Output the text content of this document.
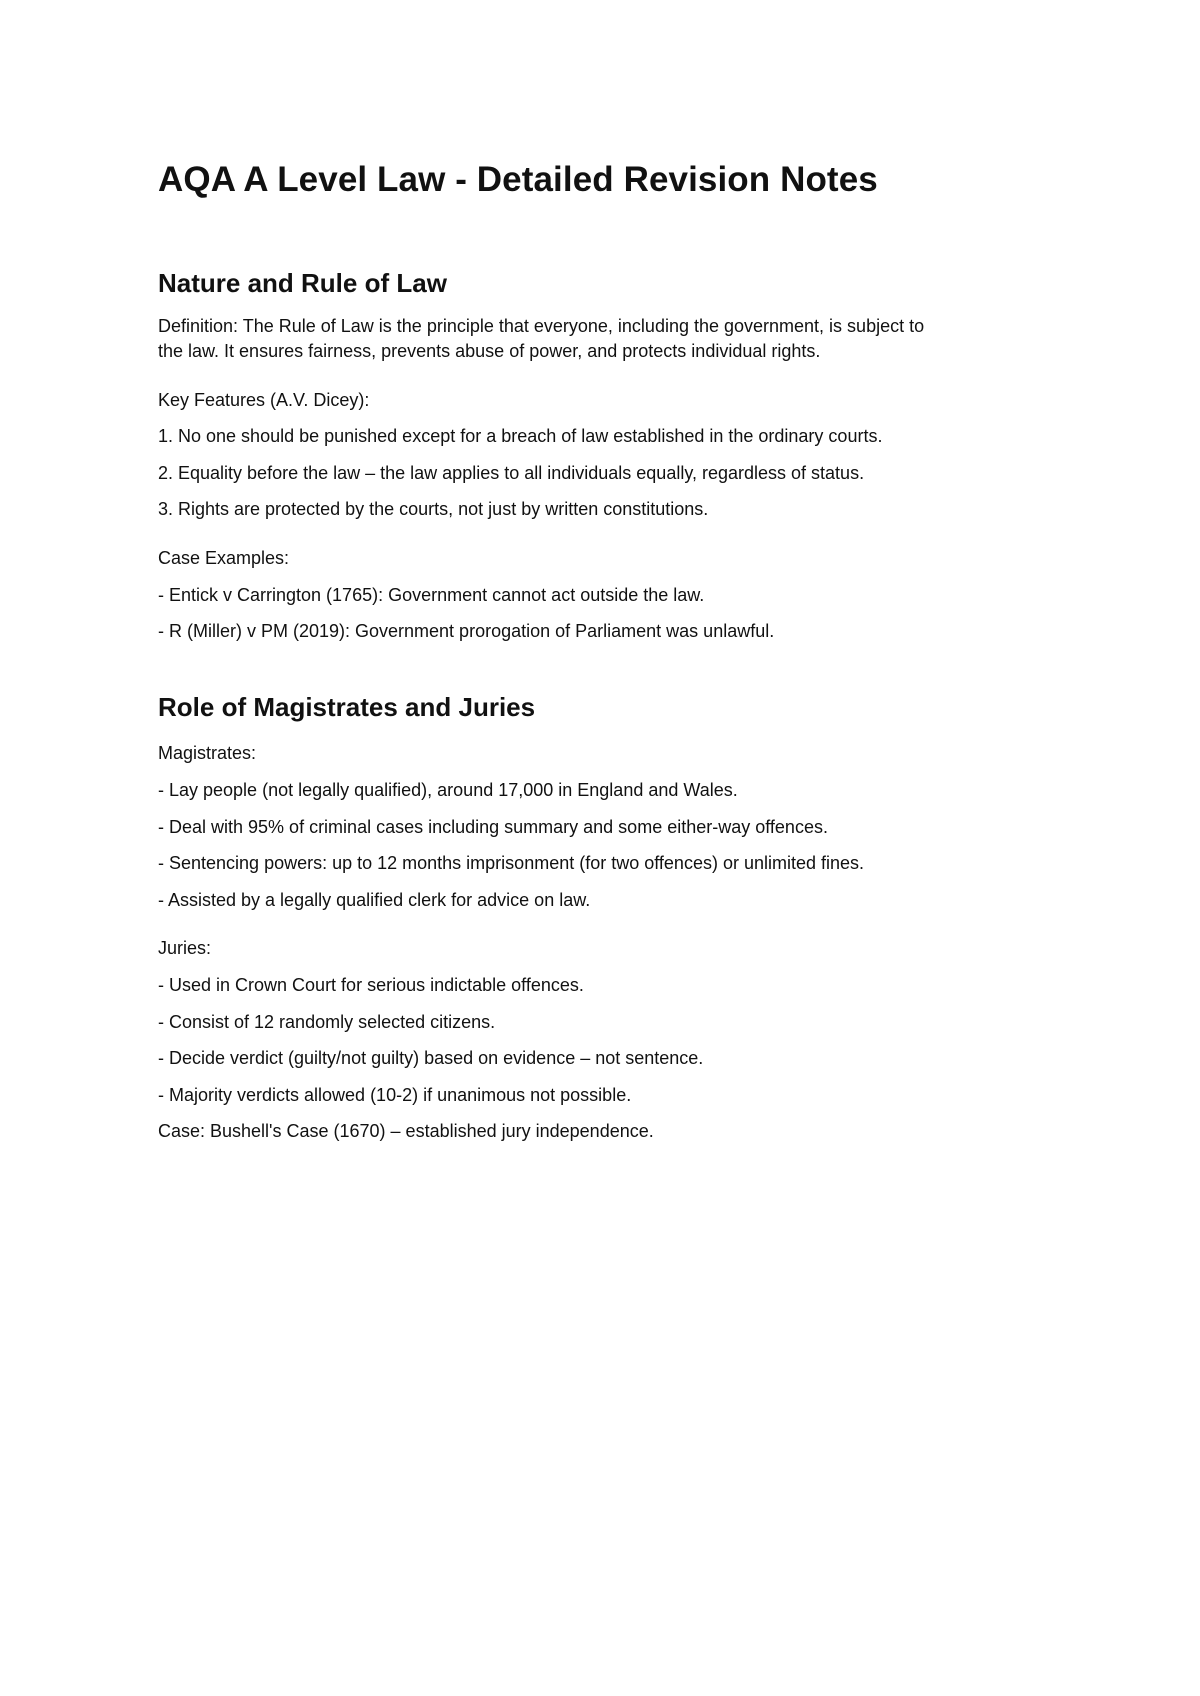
AQA A Level Law - Detailed Revision Notes
Nature and Rule of Law

Definition: The Rule of Law is the principle that everyone, including the government, is subject to

the law. It ensures fairness, prevents abuse of power, and protects individual rights.

Key Features (A.V. Dicey):

1. No one should be punished except for a breach of law established in the ordinary courts.

2. Equality before the law – the law applies to all individuals equally, regardless of status.

3. Rights are protected by the courts, not just by written constitutions.

Case Examples:

- Entick v Carrington (1765): Government cannot act outside the law.

- R (Miller) v PM (2019): Government prorogation of Parliament was unlawful.

Role of Magistrates and Juries

Magistrates:

- Lay people (not legally qualified), around 17,000 in England and Wales.

- Deal with 95% of criminal cases including summary and some either-way offences.

- Sentencing powers: up to 12 months imprisonment (for two offences) or unlimited fines.

- Assisted by a legally qualified clerk for advice on law.

Juries:

- Used in Crown Court for serious indictable offences.

- Consist of 12 randomly selected citizens.

- Decide verdict (guilty/not guilty) based on evidence – not sentence.

- Majority verdicts allowed (10-2) if unanimous not possible.

Case: Bushell's Case (1670) – established jury independence.
